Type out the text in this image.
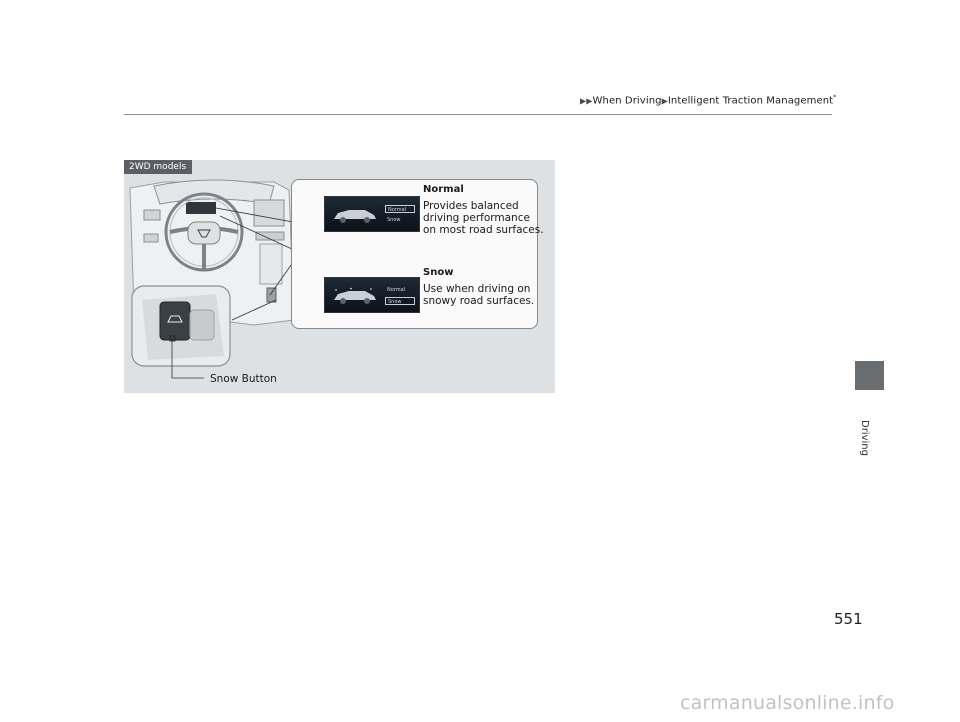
▶▶When Driving▶Intelligent Traction Management*
Driving
2WD models
Normal
Snow
Normal
Snow
Normal
Provides balanced
driving performance
on most road surfaces.
Snow
Use when driving on
snowy road surfaces.
Snow Button
551
carmanualsonline.info
